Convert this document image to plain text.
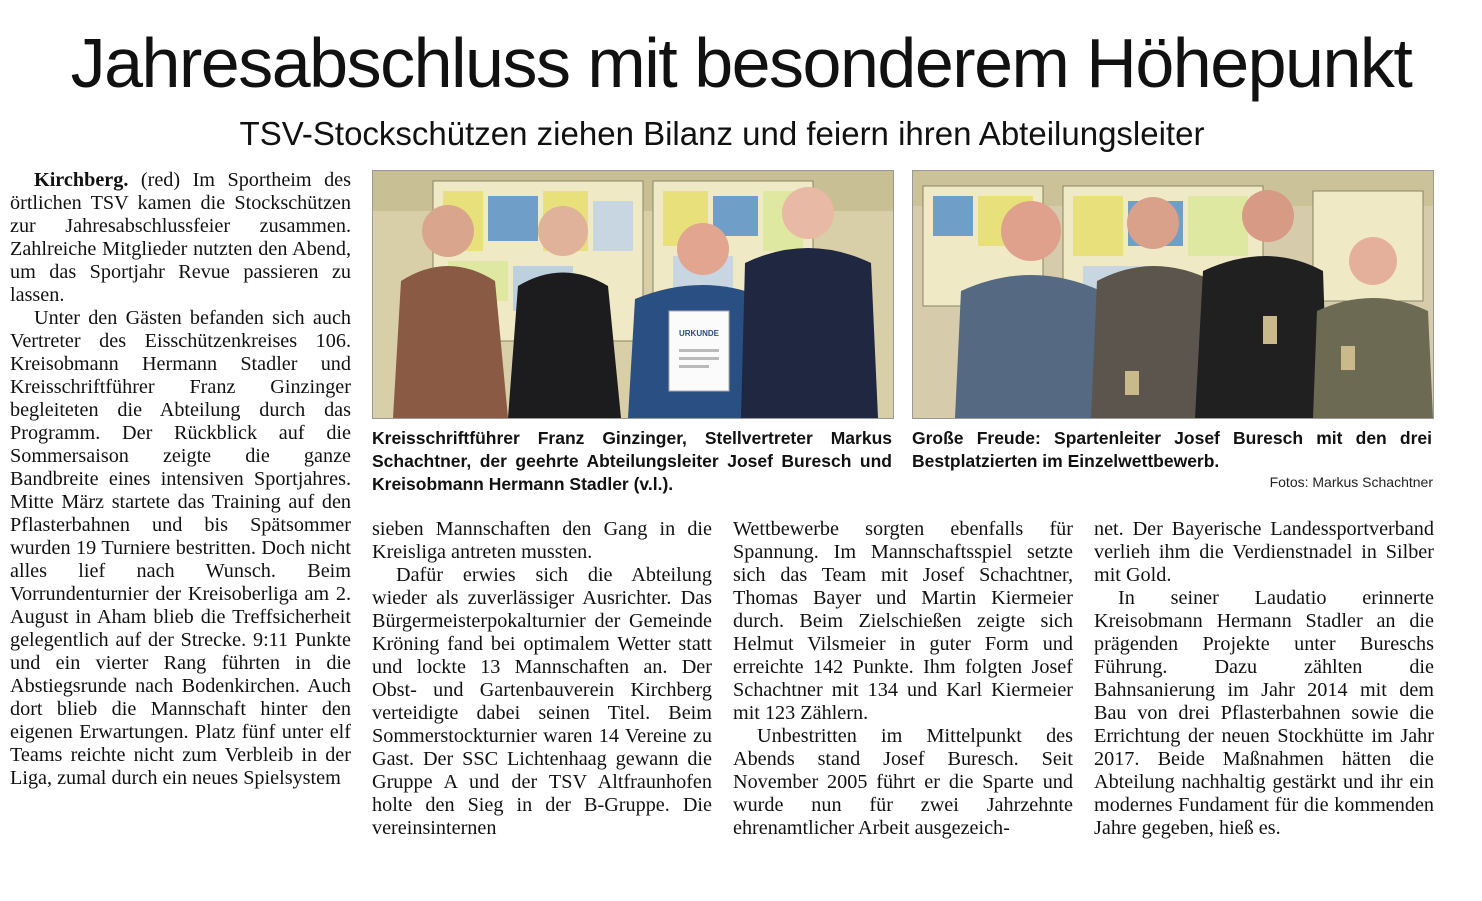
Jahresabschluss mit besonderem Höhepunkt
TSV-Stockschützen ziehen Bilanz und feiern ihren Abteilungsleiter

Kirchberg. (red) Im Sportheim des örtlichen TSV kamen die Stockschützen zur Jahresabschlussfeier zusammen. Zahlreiche Mitglieder nutzten den Abend, um das Sportjahr Revue passieren zu lassen.

Unter den Gästen befanden sich auch Vertreter des Eisschützenkreises 106. Kreisobmann Hermann Stadler und Kreisschriftführer Franz Ginzinger begleiteten die Abteilung durch das Programm. Der Rückblick auf die Sommersaison zeigte die ganze Bandbreite eines intensiven Sportjahres. Mitte März startete das Training auf den Pflasterbahnen und bis Spätsommer wurden 19 Turniere bestritten. Doch nicht alles lief nach Wunsch. Beim Vorrundenturnier der Kreisoberliga am 2. August in Aham blieb die Treffsicherheit gelegentlich auf der Strecke. 9:11 Punkte und ein vierter Rang führten in die Abstiegsrunde nach Bodenkirchen. Auch dort blieb die Mannschaft hinter den eigenen Erwartungen. Platz fünf unter elf Teams reichte nicht zum Verbleib in der Liga, zumal durch ein neues Spielsystem

URKUNDE

Kreisschriftführer Franz Ginzinger, Stellvertreter Markus Schachtner, der geehrte Abteilungsleiter Josef Buresch und Kreisobmann Hermann Stadler (v.l.).

Große Freude: Spartenleiter Josef Buresch mit den drei Bestplatzierten im Einzelwettbewerb.

Fotos: Markus Schachtner

sieben Mannschaften den Gang in die Kreisliga antreten mussten.

Dafür erwies sich die Abteilung wieder als zuverlässiger Ausrichter. Das Bürgermeisterpokalturnier der Gemeinde Kröning fand bei optimalem Wetter statt und lockte 13 Mannschaften an. Der Obst- und Gartenbauverein Kirchberg verteidigte dabei seinen Titel. Beim Sommerstockturnier waren 14 Vereine zu Gast. Der SSC Lichtenhaag gewann die Gruppe A und der TSV Altfraunhofen holte den Sieg in der B-Gruppe. Die vereinsinternen

Wettbewerbe sorgten ebenfalls für Spannung. Im Mannschaftsspiel setzte sich das Team mit Josef Schachtner, Thomas Bayer und Martin Kiermeier durch. Beim Zielschießen zeigte sich Helmut Vilsmeier in guter Form und erreichte 142 Punkte. Ihm folgten Josef Schachtner mit 134 und Karl Kiermeier mit 123 Zählern.

Unbestritten im Mittelpunkt des Abends stand Josef Buresch. Seit November 2005 führt er die Sparte und wurde nun für zwei Jahrzehnte ehrenamtlicher Arbeit ausgezeich-

net. Der Bayerische Landessportverband verlieh ihm die Verdienstnadel in Silber mit Gold.

In seiner Laudatio erinnerte Kreisobmann Hermann Stadler an die prägenden Projekte unter Bureschs Führung. Dazu zählten die Bahnsanierung im Jahr 2014 mit dem Bau von drei Pflasterbahnen sowie die Errichtung der neuen Stockhütte im Jahr 2017. Beide Maßnahmen hätten die Abteilung nachhaltig gestärkt und ihr ein modernes Fundament für die kommenden Jahre gegeben, hieß es.
